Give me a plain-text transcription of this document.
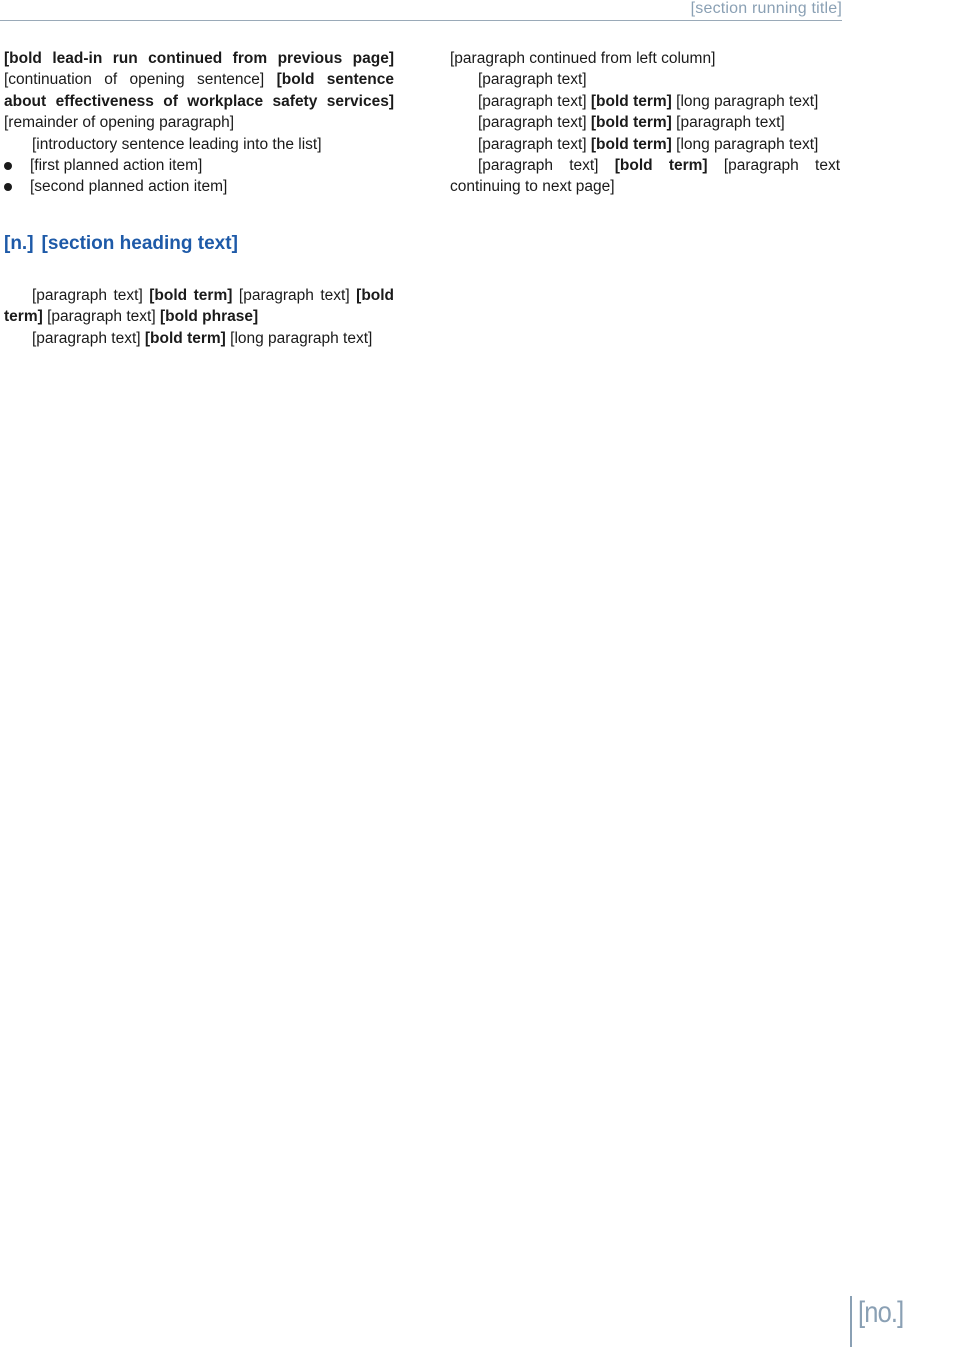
[section running title]

[bold lead-in run continued from previous page] [continuation of opening sentence] [bold sentence about effectiveness of workplace safety services] [remainder of opening paragraph]

[introductory sentence leading into the list]

[first planned action item]
[second planned action item]
[n.] [section heading text]

[paragraph text] [bold term] [paragraph text] [bold term] [paragraph text] [bold phrase]

[paragraph text] [bold term] [long paragraph text]

[paragraph continued from left column]

[paragraph text]

[paragraph text] [bold term] [long paragraph text]

[paragraph text] [bold term] [paragraph text]

[paragraph text] [bold term] [long paragraph text]

[paragraph text] [bold term] [paragraph text continuing to next page]

[no.]
